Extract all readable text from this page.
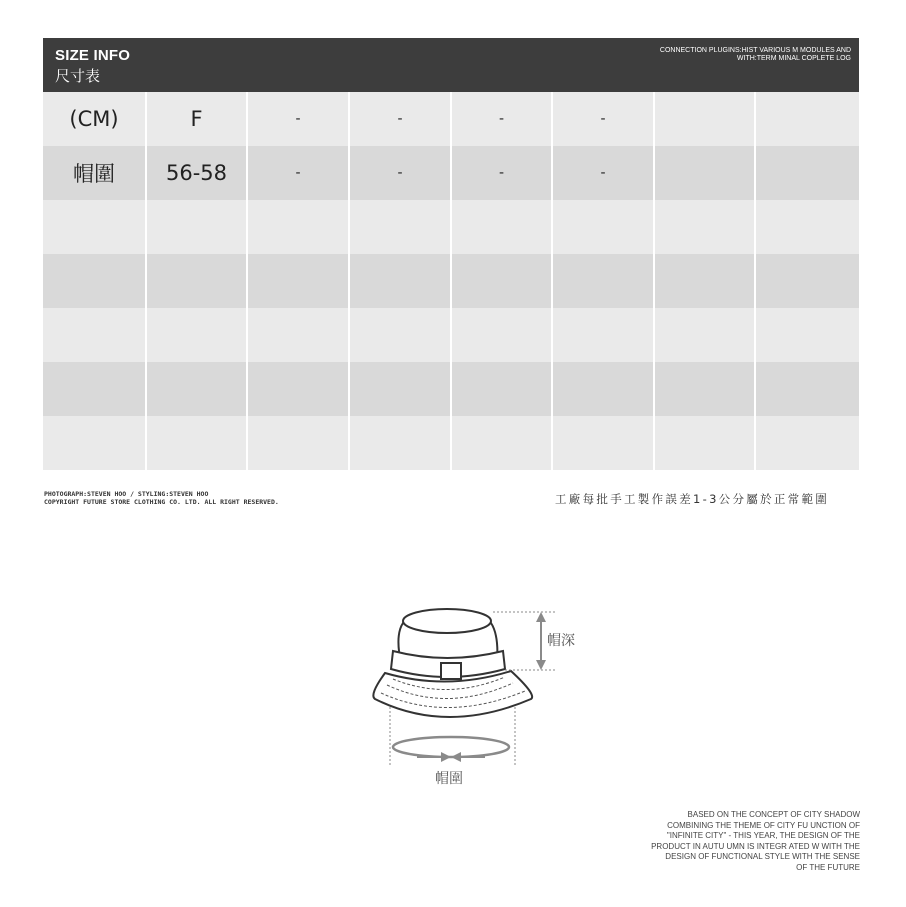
SIZE INFO
尺寸表
CONNECTION PLUGINS:HIST VARIOUS M MODULES AND
WITH:TERM MINAL COPLETE LOG
(CM)	F	-	-	-	-		
帽圍	56-58	-	-	-	-		

PHOTOGRAPH:STEVEN HOO / STYLING:STEVEN HOO
COPYRIGHT FUTURE STORE CLOTHING CO. LTD. ALL RIGHT RESERVED.	工廠每批手工製作誤差1-3公分屬於正常範圍
帽深
帽圍
BASED ON THE CONCEPT OF CITY SHADOW
COMBINING THE THEME OF CITY FU UNCTION OF
"INFINITE CITY" - THIS YEAR, THE DESIGN OF THE
PRODUCT IN AUTU UMN IS INTEGR ATED W WITH THE
DESIGN OF FUNCTIONAL STYLE WITH THE SENSE
OF THE FUTURE
